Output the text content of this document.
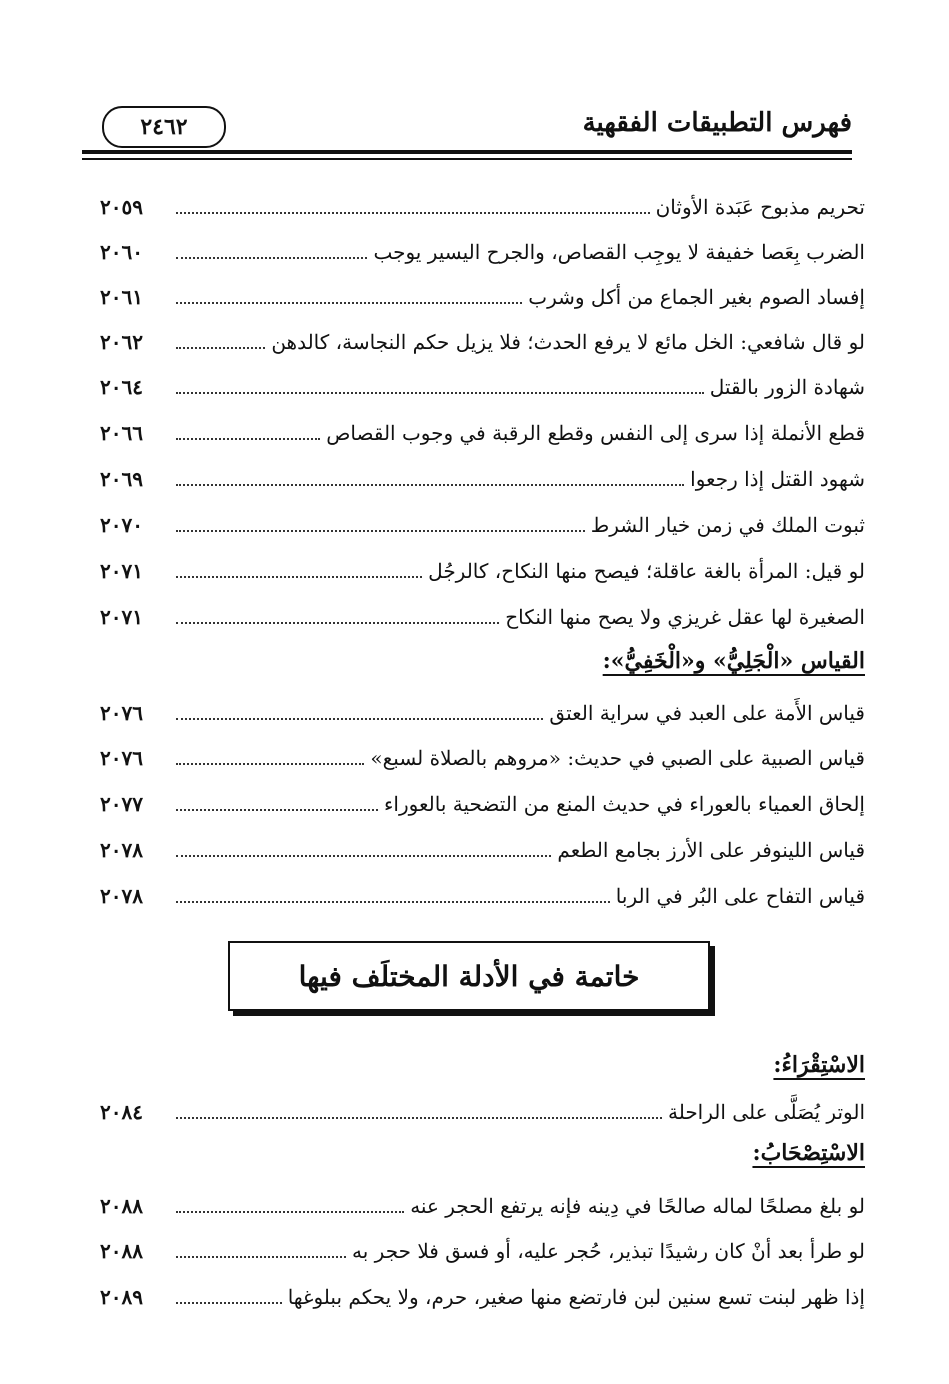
٢٤٦٢	فهرس التطبيقات الفقهية
تحريم مذبوح عَبَدة الأوثان
٢٠٥٩
الضرب بِعَصا خفيفة لا يوجِب القصاص، والجرح اليسير يوجب
٢٠٦٠
إفساد الصوم بغير الجماع من أكل وشرب
٢٠٦١
لو قال شافعي: الخل مائع لا يرفع الحدث؛ فلا يزيل حكم النجاسة، كالدهن
٢٠٦٢
شهادة الزور بالقتل
٢٠٦٤
قطع الأنملة إذا سرى إلى النفس وقطع الرقبة في وجوب القصاص
٢٠٦٦
شهود القتل إذا رجعوا
٢٠٦٩
ثبوت الملك في زمن خيار الشرط
٢٠٧٠
لو قيل: المرأة بالغة عاقلة؛ فيصح منها النكاح، كالرجُل
٢٠٧١
الصغيرة لها عقل غريزي ولا يصح منها النكاح
٢٠٧١
القياس «الْجَلِيُّ» و«الْخَفِيُّ»:
قياس الأَمة على العبد في سراية العتق
٢٠٧٦
قياس الصبية على الصبي في حديث: «مروهم بالصلاة لسبع»
٢٠٧٦
إلحاق العمياء بالعوراء في حديث المنع من التضحية بالعوراء
٢٠٧٧
قياس اللينوفر على الأرز بجامع الطعم
٢٠٧٨
قياس التفاح على البُر في الربا
٢٠٧٨
خاتمة في الأدلة المختلَف فيها
الاسْتِقْرَاءُ:
الوتر يُصَلَّى على الراحلة
٢٠٨٤
الاسْتِصْحَابُ:
لو بلغ مصلحًا لماله صالحًا في دِينه فإنه يرتفع الحجر عنه
٢٠٨٨
لو طرأ بعد أنْ كان رشيدًا تبذير، حُجر عليه، أو فسق فلا حجر به
٢٠٨٨
إذا ظهر لبنت تسع سنين لبن فارتضع منها صغير، حرم، ولا يحكم ببلوغها
٢٠٨٩
